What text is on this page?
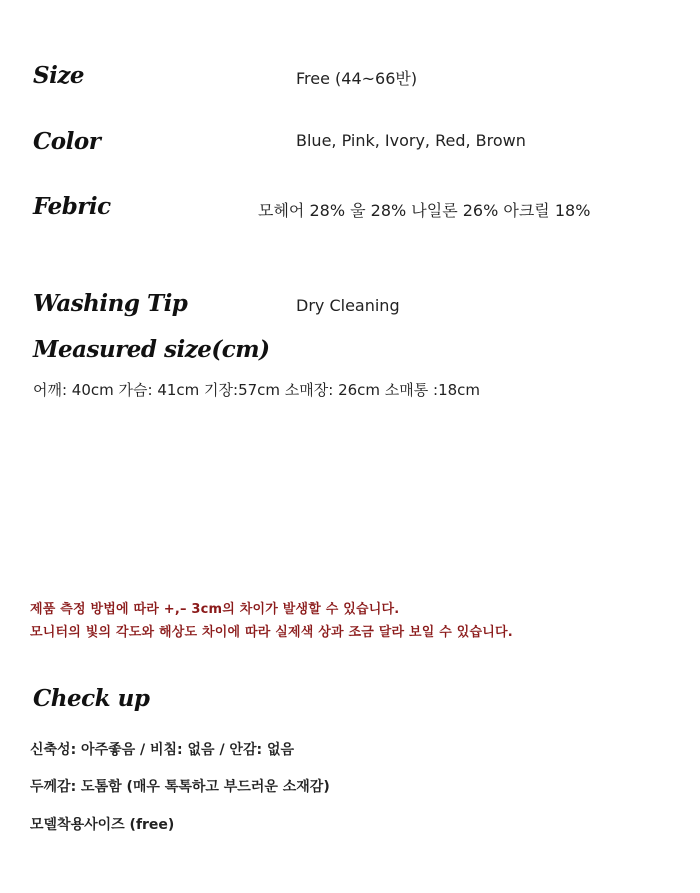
Size	Free (44~66반)
Color	Blue, Pink, Ivory, Red, Brown
Febric	모헤어 28% 울 28% 나일론 26% 아크릴 18%
Washing Tip	Dry Cleaning
Measured size(cm)
어깨: 40cm 가슴: 41cm 기장:57cm 소매장: 26cm 소매통 :18cm
제품 측정 방법에 따라 +,– 3cm의 차이가 발생할 수 있습니다.
모니터의 빛의 각도와 해상도 차이에 따라 실제색 상과 조금 달라 보일 수 있습니다.
Check up
신축성: 아주좋음 / 비침: 없음 / 안감: 없음
두께감: 도톰함 (매우 톡톡하고 부드러운 소재감)
모델착용사이즈 (free)
